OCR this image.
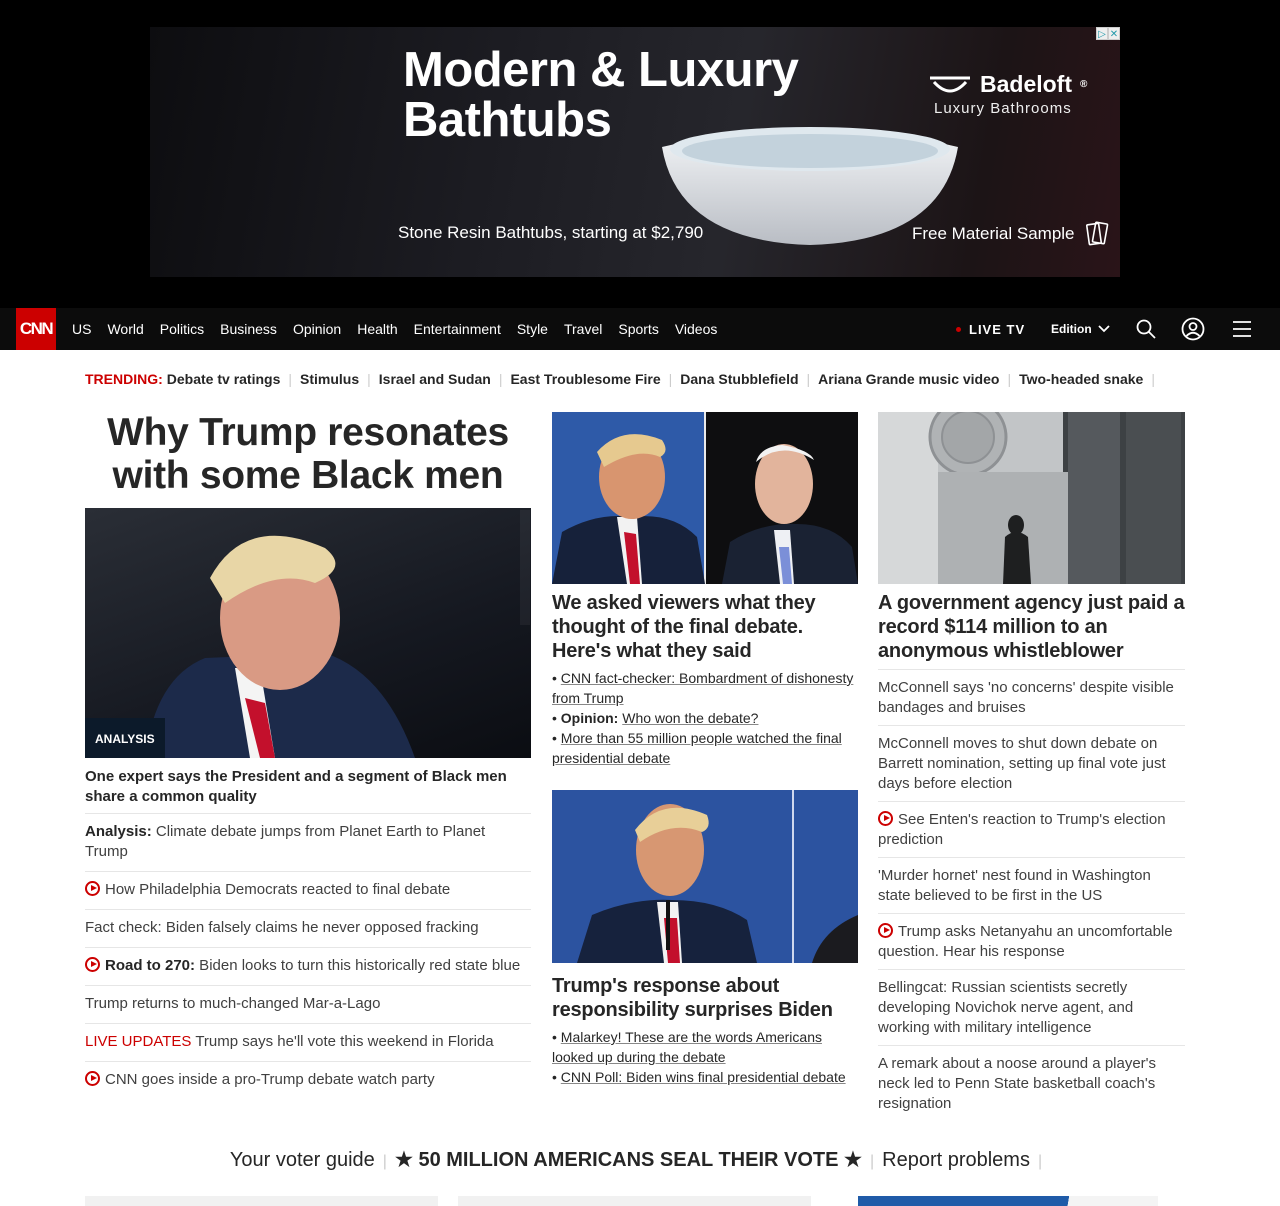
Modern & Luxury
Bathtubs
Badeloft ®
Luxury Bathrooms
Stone Resin Bathtubs, starting at $2,790	Free Material Sample
▷ ✕
CNN US World Politics Business Opinion Health Entertainment Style Travel Sports Videos	LIVE TV Edition
TRENDING: Debate tv ratings | Stimulus | Israel and Sudan | East Troublesome Fire | Dana Stubblefield | Ariana Grande music video | Two-headed snake |
Why Trump resonates with some Black men
ANALYSIS
One expert says the President and a segment of Black men share a common quality
Analysis: Climate debate jumps from Planet Earth to Planet Trump
How Philadelphia Democrats reacted to final debate
Fact check: Biden falsely claims he never opposed fracking
Road to 270: Biden looks to turn this historically red state blue
Trump returns to much-changed Mar-a-Lago
LIVE UPDATES Trump says he'll vote this weekend in Florida
CNN goes inside a pro-Trump debate watch party
We asked viewers what they thought of the final debate. Here's what they said
• CNN fact-checker: Bombardment of dishonesty from Trump
• Opinion: Who won the debate?
• More than 55 million people watched the final presidential debate
Trump's response about responsibility surprises Biden
• Malarkey! These are the words Americans looked up during the debate
• CNN Poll: Biden wins final presidential debate
A government agency just paid a record $114 million to an anonymous whistleblower
McConnell says 'no concerns' despite visible bandages and bruises
McConnell moves to shut down debate on Barrett nomination, setting up final vote just days before election
See Enten's reaction to Trump's election prediction
'Murder hornet' nest found in Washington state believed to be first in the US
Trump asks Netanyahu an uncomfortable question. Hear his response
Bellingcat: Russian scientists secretly developing Novichok nerve agent, and working with military intelligence
A remark about a noose around a player's neck led to Penn State basketball coach's resignation
Your voter guide | ★ 50 MILLION AMERICANS SEAL THEIR VOTE ★ | Report problems |
